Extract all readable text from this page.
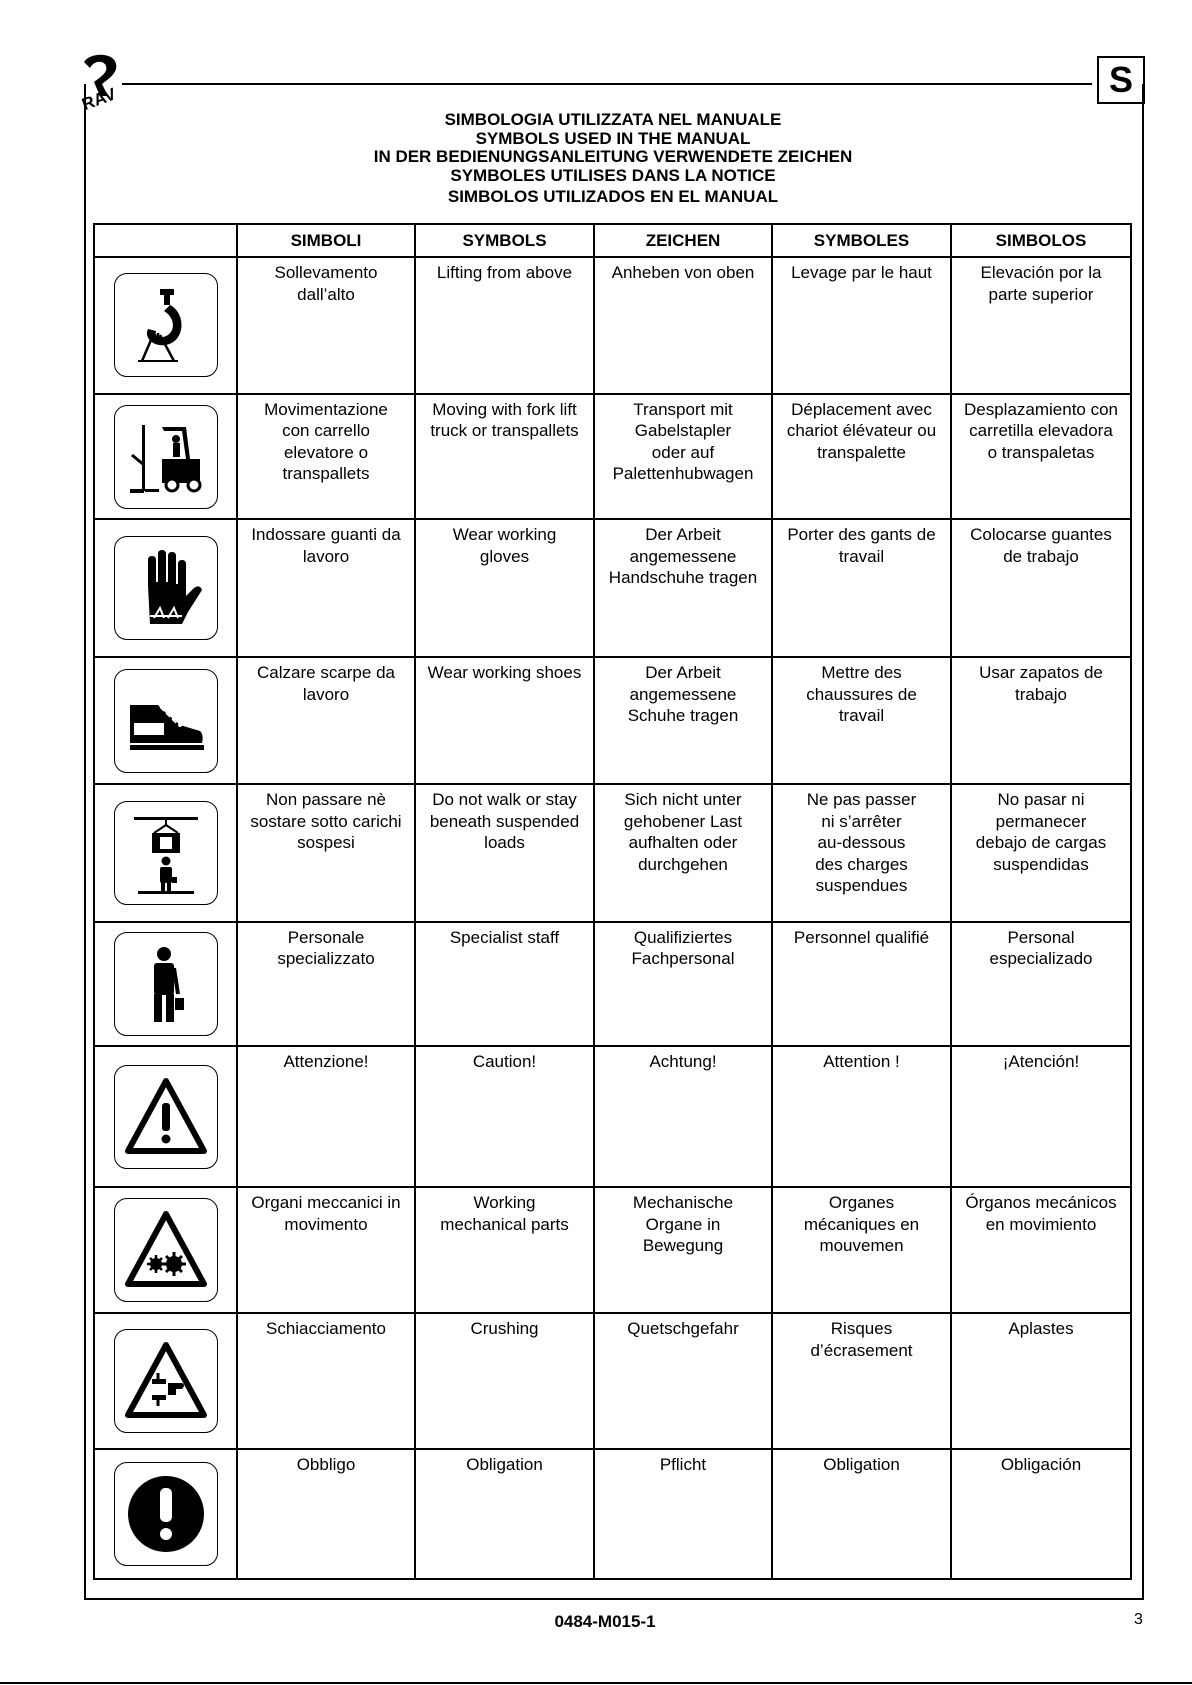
RAV	S
SIMBOLOGIA UTILIZZATA NEL MANUALE
SYMBOLS USED IN THE MANUAL
IN DER BEDIENUNGSANLEITUNG VERWENDETE ZEICHEN
SYMBOLES UTILISES DANS LA NOTICE
SIMBOLOS UTILIZADOS EN EL MANUAL
	SIMBOLI	SYMBOLS	ZEICHEN	SYMBOLES	SIMBOLOS

	Sollevamento
dall’alto	Lifting from above	Anheben von oben	Levage par le haut	Elevación por la
parte superior

	Movimentazione
con carrello
elevatore o
transpallets	Moving with fork lift
truck or transpallets	Transport mit
Gabelstapler
oder auf
Palettenhubwagen	Déplacement avec
chariot élévateur ou
transpalette	Desplazamiento con
carretilla elevadora
o transpaletas

	Indossare guanti da
lavoro	Wear working
gloves	Der Arbeit
angemessene
Handschuhe tragen	Porter des gants de
travail	Colocarse guantes
de trabajo

	Calzare scarpe da
lavoro	Wear working shoes	Der Arbeit
angemessene
Schuhe tragen	Mettre des
chaussures de
travail	Usar zapatos de
trabajo

	Non passare nè
sostare sotto carichi
sospesi	Do not walk or stay
beneath suspended
loads	Sich nicht unter
gehobener Last
aufhalten oder
durchgehen	Ne pas passer
ni s’arrêter
au-dessous
des charges
suspendues	No pasar ni
permanecer
debajo de cargas
suspendidas

	Personale
specializzato	Specialist staff	Qualifiziertes
Fachpersonal	Personnel qualifié	Personal
especializado

	Attenzione!	Caution!	Achtung!	Attention !	¡Atención!

	Organi meccanici in
movimento	Working
mechanical parts	Mechanische
Organe in
Bewegung	Organes
mécaniques en
mouvemen	Órganos mecánicos
en movimiento

	Schiacciamento	Crushing	Quetschgefahr	Risques
d’écrasement	Aplastes

	Obbligo	Obligation	Pflicht	Obligation	Obligación
0484-M015-1	3
